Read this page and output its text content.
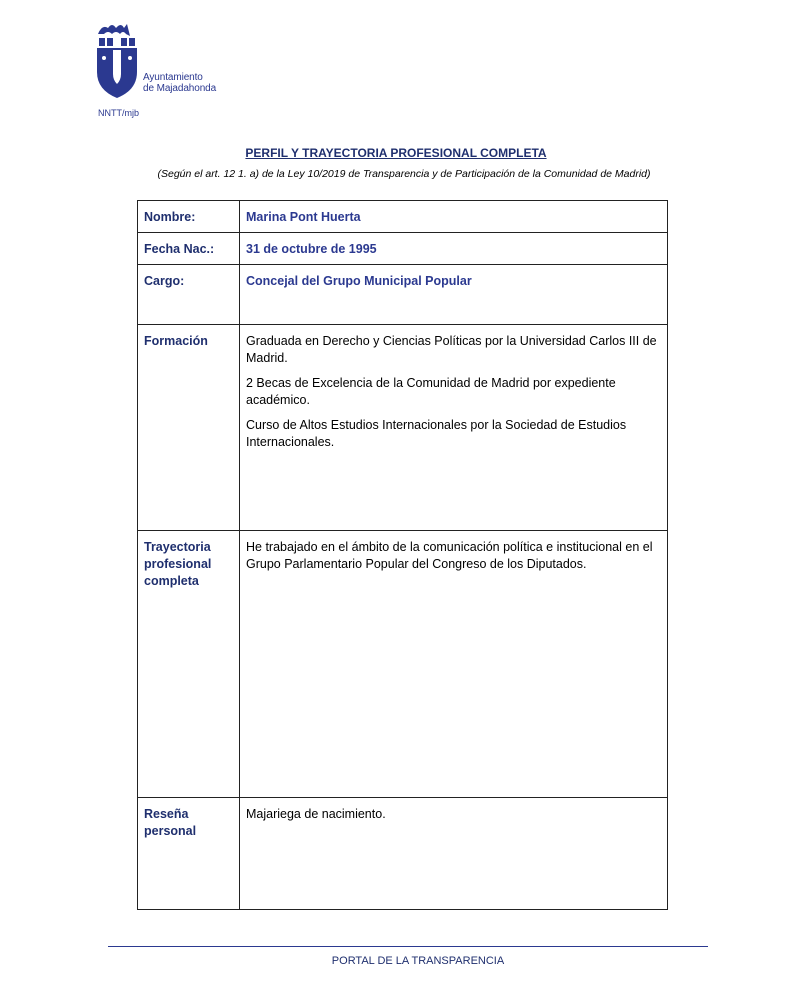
Ayuntamiento
de Majadahonda
NNTT/mjb
PERFIL Y TRAYECTORIA PROFESIONAL COMPLETA
(Según el art. 12 1. a) de la Ley 10/2019 de Transparencia y de Participación de la Comunidad de Madrid)
Nombre:	Marina Pont Huerta
Fecha Nac.:	31 de octubre de 1995
Cargo:	Concejal del Grupo Municipal Popular
Formación	Graduada en Derecho y Ciencias Políticas por la Universidad Carlos III de Madrid.

2 Becas de Excelencia de la Comunidad de Madrid por expediente académico.

Curso de Altos Estudios Internacionales por la Sociedad de Estudios Internacionales.

Trayectoria
profesional
completa	He trabajado en el ámbito de la comunicación política e institucional en el Grupo Parlamentario Popular del Congreso de los Diputados.

Reseña
personal	Majariega de nacimiento.
PORTAL DE LA TRANSPARENCIA
